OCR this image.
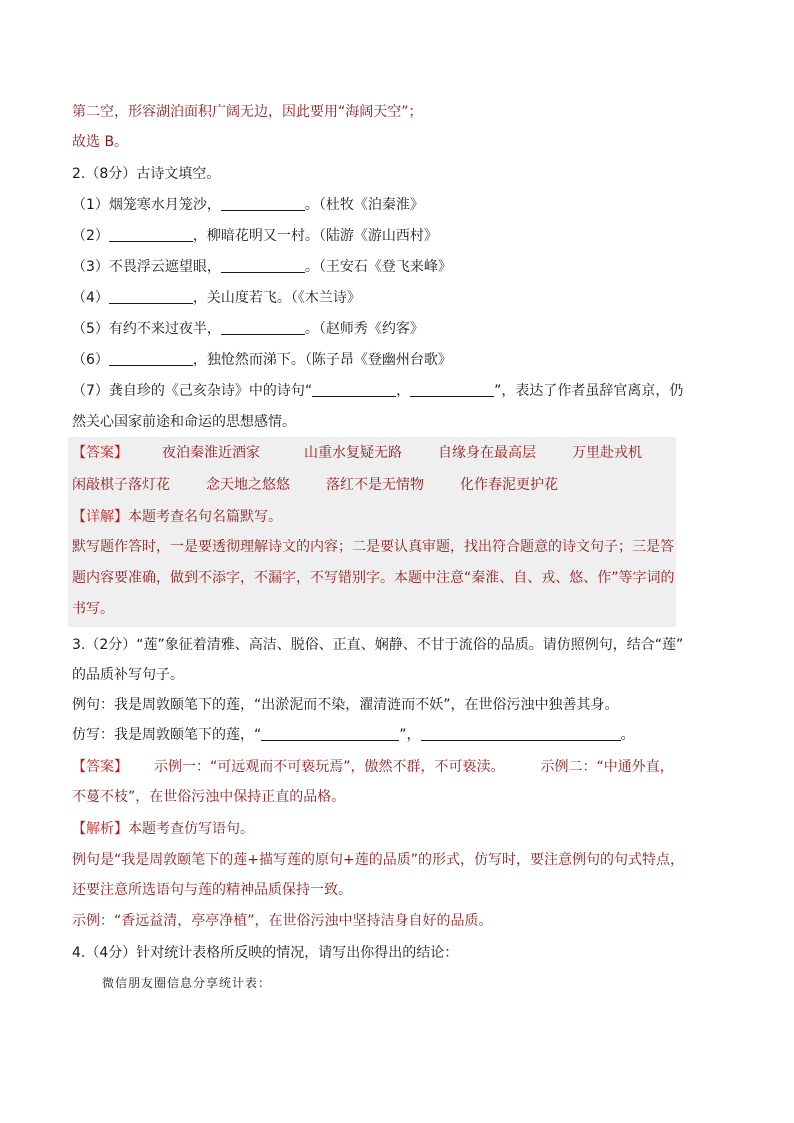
第二空，形容湖泊面积广阔无边，因此要用“海阔天空”；
故选 B。
2.（8分）古诗文填空。
（1）烟笼寒水月笼沙，	。（杜牧《泊秦淮》
（2）	，柳暗花明又一村。（陆游《游山西村》
（3）不畏浮云遮望眼，	。（王安石《登飞来峰》
（4）	，关山度若飞。（《木兰诗》
（5）有约不来过夜半，	。（赵师秀《约客》
（6）	，独怆然而涕下。（陈子昂《登幽州台歌》
（7）龚自珍的《己亥杂诗》中的诗句“	，	”，表达了作者虽辞官离京，仍
然关心国家前途和命运的思想感情。
【答案】 夜泊秦淮近酒家	山重水复疑无路	自缘身在最高层	万里赴戎机
闲敲棋子落灯花	念天地之悠悠	落红不是无情物	化作春泥更护花
【详解】本题考查名句名篇默写。
默写题作答时，一是要透彻理解诗文的内容；二是要认真审题，找出符合题意的诗文句子；三是答
题内容要准确，做到不添字，不漏字，不写错别字。本题中注意“秦淮、自、戎、悠、作”等字词的
书写。
3.（2分）“莲”象征着清雅、高洁、脱俗、正直、娴静、不甘于流俗的品质。请仿照例句，结合“莲”
的品质补写句子。
例句：我是周敦颐笔下的莲，“出淤泥而不染，濯清涟而不妖”，在世俗污浊中独善其身。
仿写：我是周敦颐笔下的莲，“	”，	。
【答案】 示例一：“可远观而不可亵玩焉”，傲然不群，不可亵渎。	示例二：“中通外直，
不蔓不枝”，在世俗污浊中保持正直的品格。
【解析】本题考查仿写语句。
例句是“我是周敦颐笔下的莲+描写莲的原句+莲的品质”的形式，仿写时，要注意例句的句式特点，
还要注意所选语句与莲的精神品质保持一致。
示例：“香远益清，亭亭净植”，在世俗污浊中坚持洁身自好的品质。
4.（4分）针对统计表格所反映的情况，请写出你得出的结论：
微信朋友圈信息分享统计表：
